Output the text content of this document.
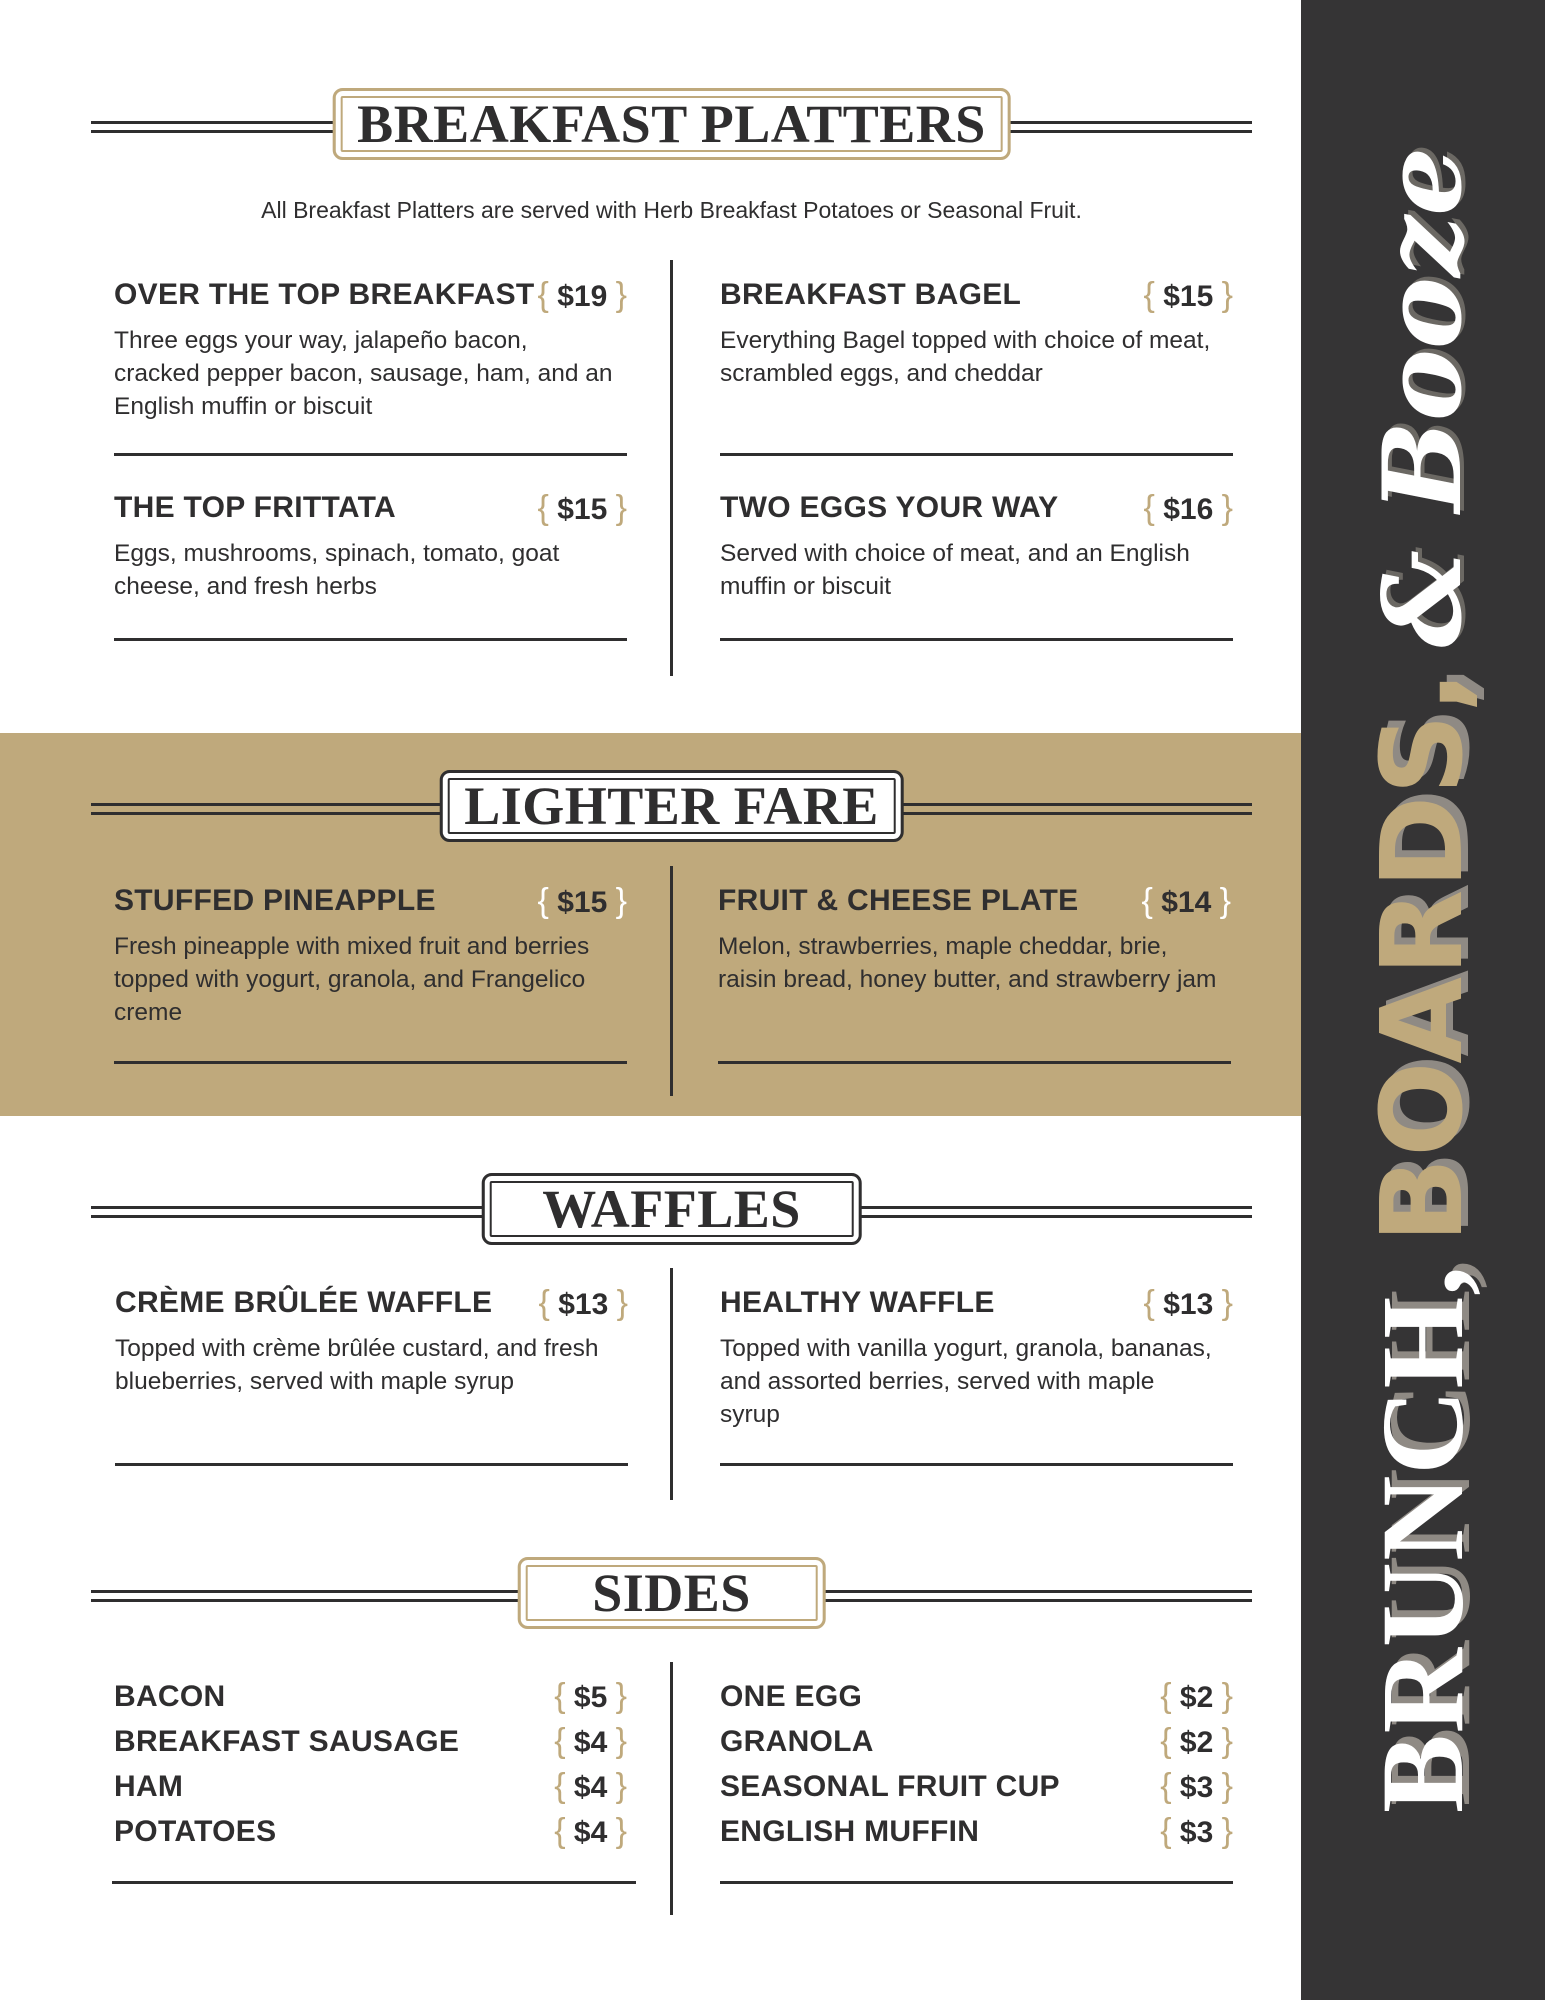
BRUNCH,
BOARDS,
& Booze
BREAKFAST PLATTERS
All Breakfast Platters are served with Herb Breakfast Potatoes or Seasonal Fruit.
OVER THE TOP BREAKFAST { $19 }
Three eggs your way, jalapeño bacon, cracked pepper bacon, sausage, ham, and an English muffin or biscuit
BREAKFAST BAGEL	{ $15 }
Everything Bagel topped with choice of meat, scrambled eggs, and cheddar
THE TOP FRITTATA	{ $15 }
Eggs, mushrooms, spinach, tomato, goat cheese, and fresh herbs
TWO EGGS YOUR WAY	{ $16 }
Served with choice of meat, and an English muffin or biscuit
LIGHTER FARE
STUFFED PINEAPPLE	{ $15 }
Fresh pineapple with mixed fruit and berries topped with yogurt, granola, and Frangelico creme
FRUIT & CHEESE PLATE { $14 }
Melon, strawberries, maple cheddar, brie, raisin bread, honey butter, and strawberry jam
WAFFLES
CRÈME BRÛLÉE WAFFLE { $13 }
Topped with crème brûlée custard, and fresh blueberries, served with maple syrup
HEALTHY WAFFLE	{ $13 }
Topped with vanilla yogurt, granola, bananas, and assorted berries, served with maple syrup
SIDES
BACON	{ $5 }
BREAKFAST SAUSAGE	{ $4 }
HAM	{ $4 }
POTATOES	{ $4 }
ONE EGG	{ $2 }
GRANOLA	{ $2 }
SEASONAL FRUIT CUP	{ $3 }
ENGLISH MUFFIN	{ $3 }
